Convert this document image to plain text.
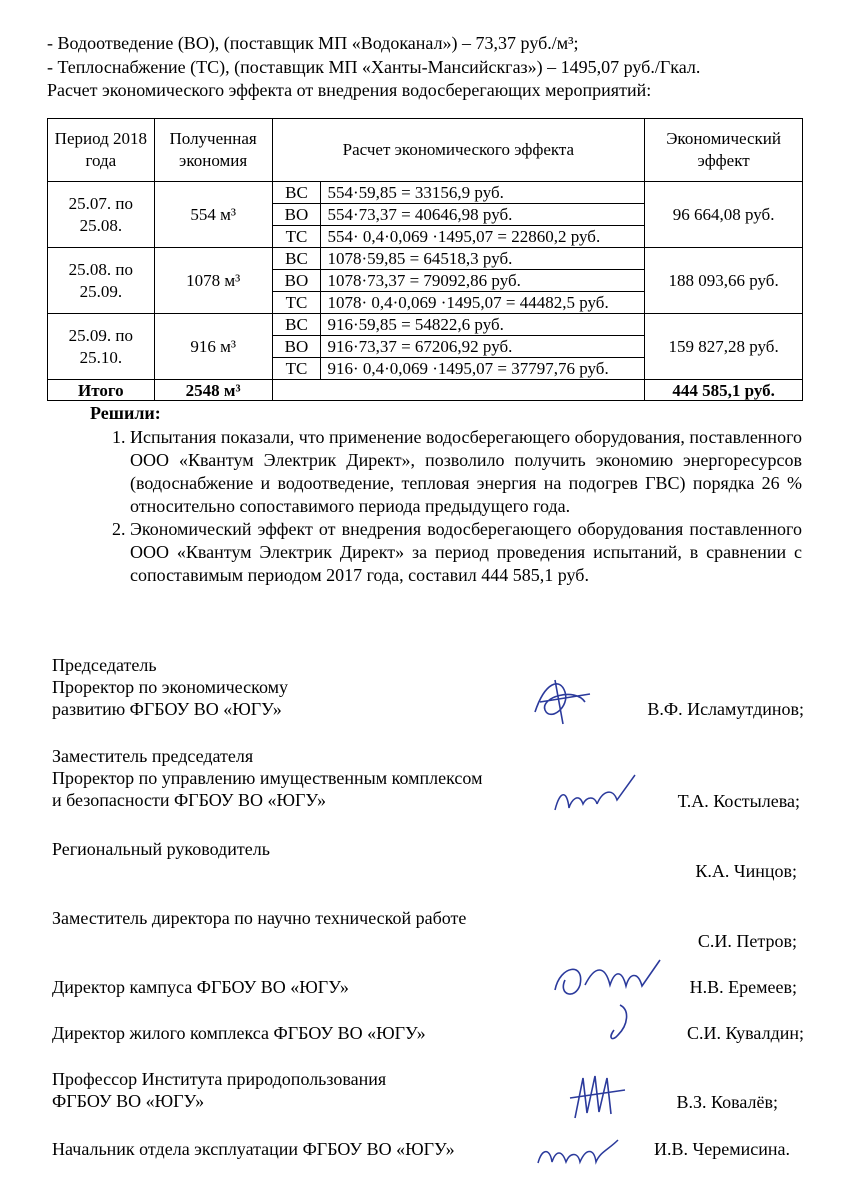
- Водоотведение (ВО), (поставщик МП «Водоканал») – 73,37 руб./м³;
- Теплоснабжение (ТС), (поставщик МП «Ханты-Мансийскгаз») – 1495,07 руб./Гкал.
Расчет экономического эффекта от внедрения водосберегающих мероприятий:
Период 2018 года	Полученная экономия	Расчет экономического эффекта		Экономический эффект
25.07. по 25.08.	554 м³	ВС	554·59,85 = 33156,9 руб.	96 664,08 руб.
		ВО	554·73,37 = 40646,98 руб.	
		ТС	554· 0,4·0,069 ·1495,07 = 22860,2 руб.	
25.08. по 25.09.	1078 м³	ВС	1078·59,85 = 64518,3 руб.	188 093,66 руб.
		ВО	1078·73,37 = 79092,86 руб.	
		ТС	1078· 0,4·0,069 ·1495,07 = 44482,5 руб.	
25.09. по 25.10.	916 м³	ВС	916·59,85 = 54822,6 руб.	159 827,28 руб.
		ВО	916·73,37 = 67206,92 руб.	
		ТС	916· 0,4·0,069 ·1495,07 = 37797,76 руб.	
Итого	2548 м³			444 585,1 руб.
Решили:
1. Испытания показали, что применение водосберегающего оборудования, поставленного ООО «Квантум Электрик Директ», позволило получить экономию энергоресурсов (водоснабжение и водоотведение, тепловая энергия на подогрев ГВС) порядка 26 % относительно сопоставимого периода предыдущего года.
2. Экономический эффект от внедрения водосберегающего оборудования поставленного ООО «Квантум Электрик Директ» за период проведения испытаний, в сравнении с сопоставимым периодом 2017 года, составил 444 585,1 руб.
Председатель
Проректор по экономическому
развитию ФГБОУ ВО «ЮГУ»	В.Ф. Исламутдинов;
Заместитель председателя
Проректор по управлению имущественным комплексом
и безопасности ФГБОУ ВО «ЮГУ»	Т.А. Костылева;
Региональный руководитель
К.А. Чинцов;
Заместитель директора по научно технической работе
С.И. Петров;
Директор кампуса ФГБОУ ВО «ЮГУ»	Н.В. Еремеев;
Директор жилого комплекса ФГБОУ ВО «ЮГУ»	С.И. Кувалдин;
Профессор Института природопользования
ФГБОУ ВО «ЮГУ»	В.З. Ковалёв;
Начальник отдела эксплуатации ФГБОУ ВО «ЮГУ»	И.В. Черемисина.
